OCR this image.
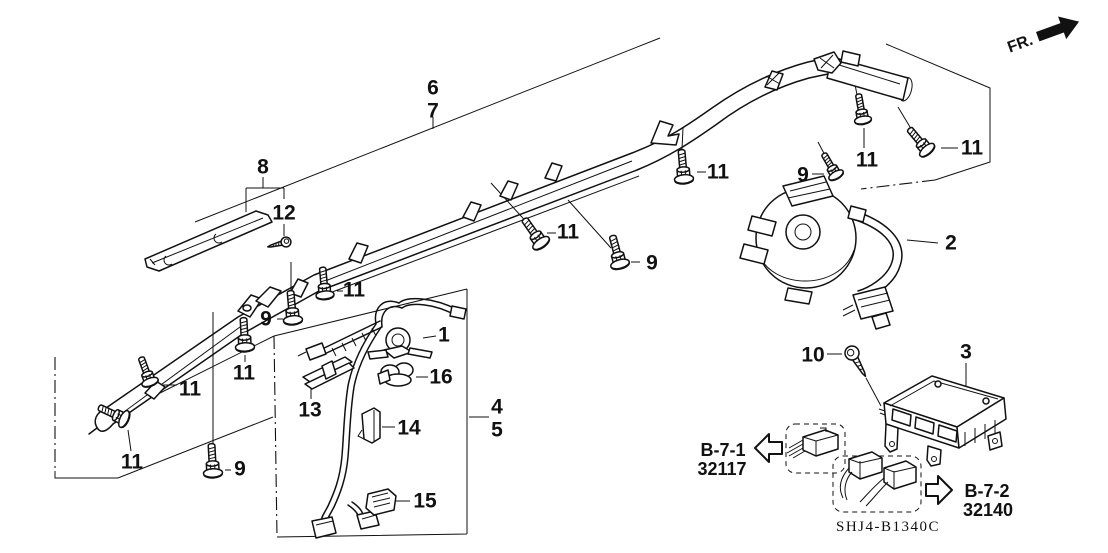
B-7-1
32117
B-7-2
32140
SHJ4-B1340C
FR.
6
7
8
12
11
11
11
9
11
9
11
9
11	9
11
11
2
10	3
1
16
13
14
15
4
5
